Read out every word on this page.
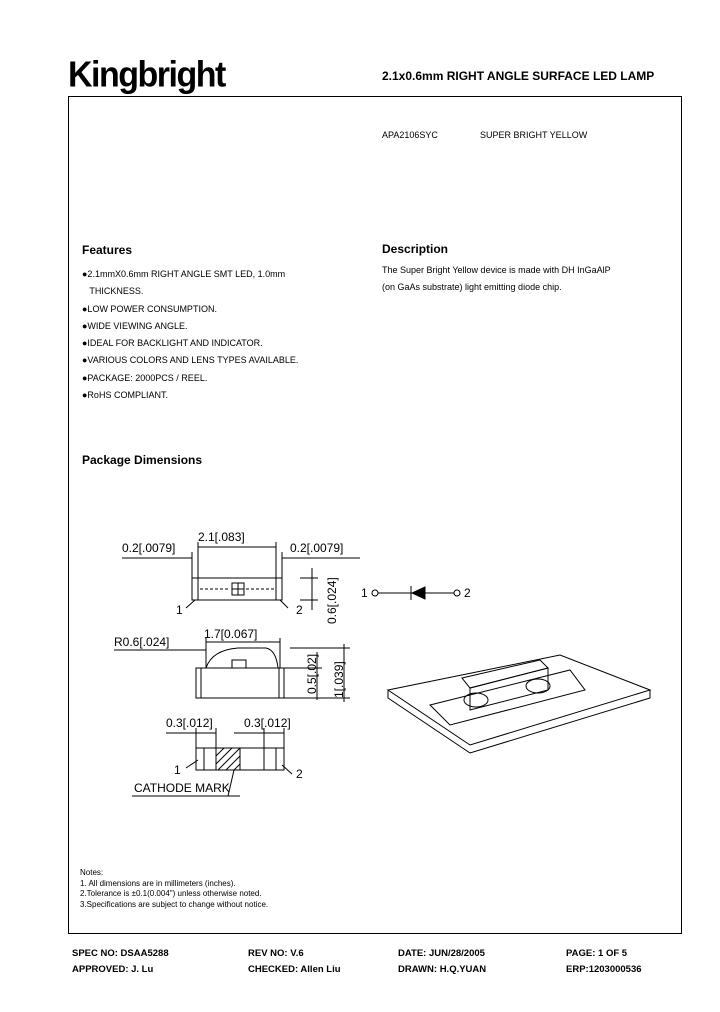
Kingbright	2.1x0.6mm RIGHT ANGLE SURFACE LED LAMP
APA2106SYC	SUPER BRIGHT YELLOW
Features
●2.1mmX0.6mm RIGHT ANGLE SMT LED, 1.0mm
THICKNESS.
●LOW POWER CONSUMPTION.
●WIDE VIEWING ANGLE.
●IDEAL FOR BACKLIGHT AND INDICATOR.
●VARIOUS COLORS AND LENS TYPES AVAILABLE.
●PACKAGE: 2000PCS / REEL.
●RoHS COMPLIANT.
Description
The Super Bright Yellow device is made with DH InGaAlP
(on GaAs substrate) light emitting diode chip.
Package Dimensions
2.1[.083]
0.2[.0079]	0.2[.0079]
1	2 0.6[.024]
R0.6[.024]
1.7[0.067]
0.5[.02] 1[.039]
0.3[.012]	0.3[.012]
1	2
CATHODE MARK
1	2
Notes:
1. All dimensions are in millimeters (inches).
2.Tolerance is ±0.1(0.004") unless otherwise noted.
3.Specifications are subject to change without notice.
SPEC NO: DSAA5288	REV NO: V.6	DATE: JUN/28/2005	PAGE: 1 OF 5
APPROVED: J. Lu	CHECKED: Allen Liu	DRAWN: H.Q.YUAN	ERP:1203000536
